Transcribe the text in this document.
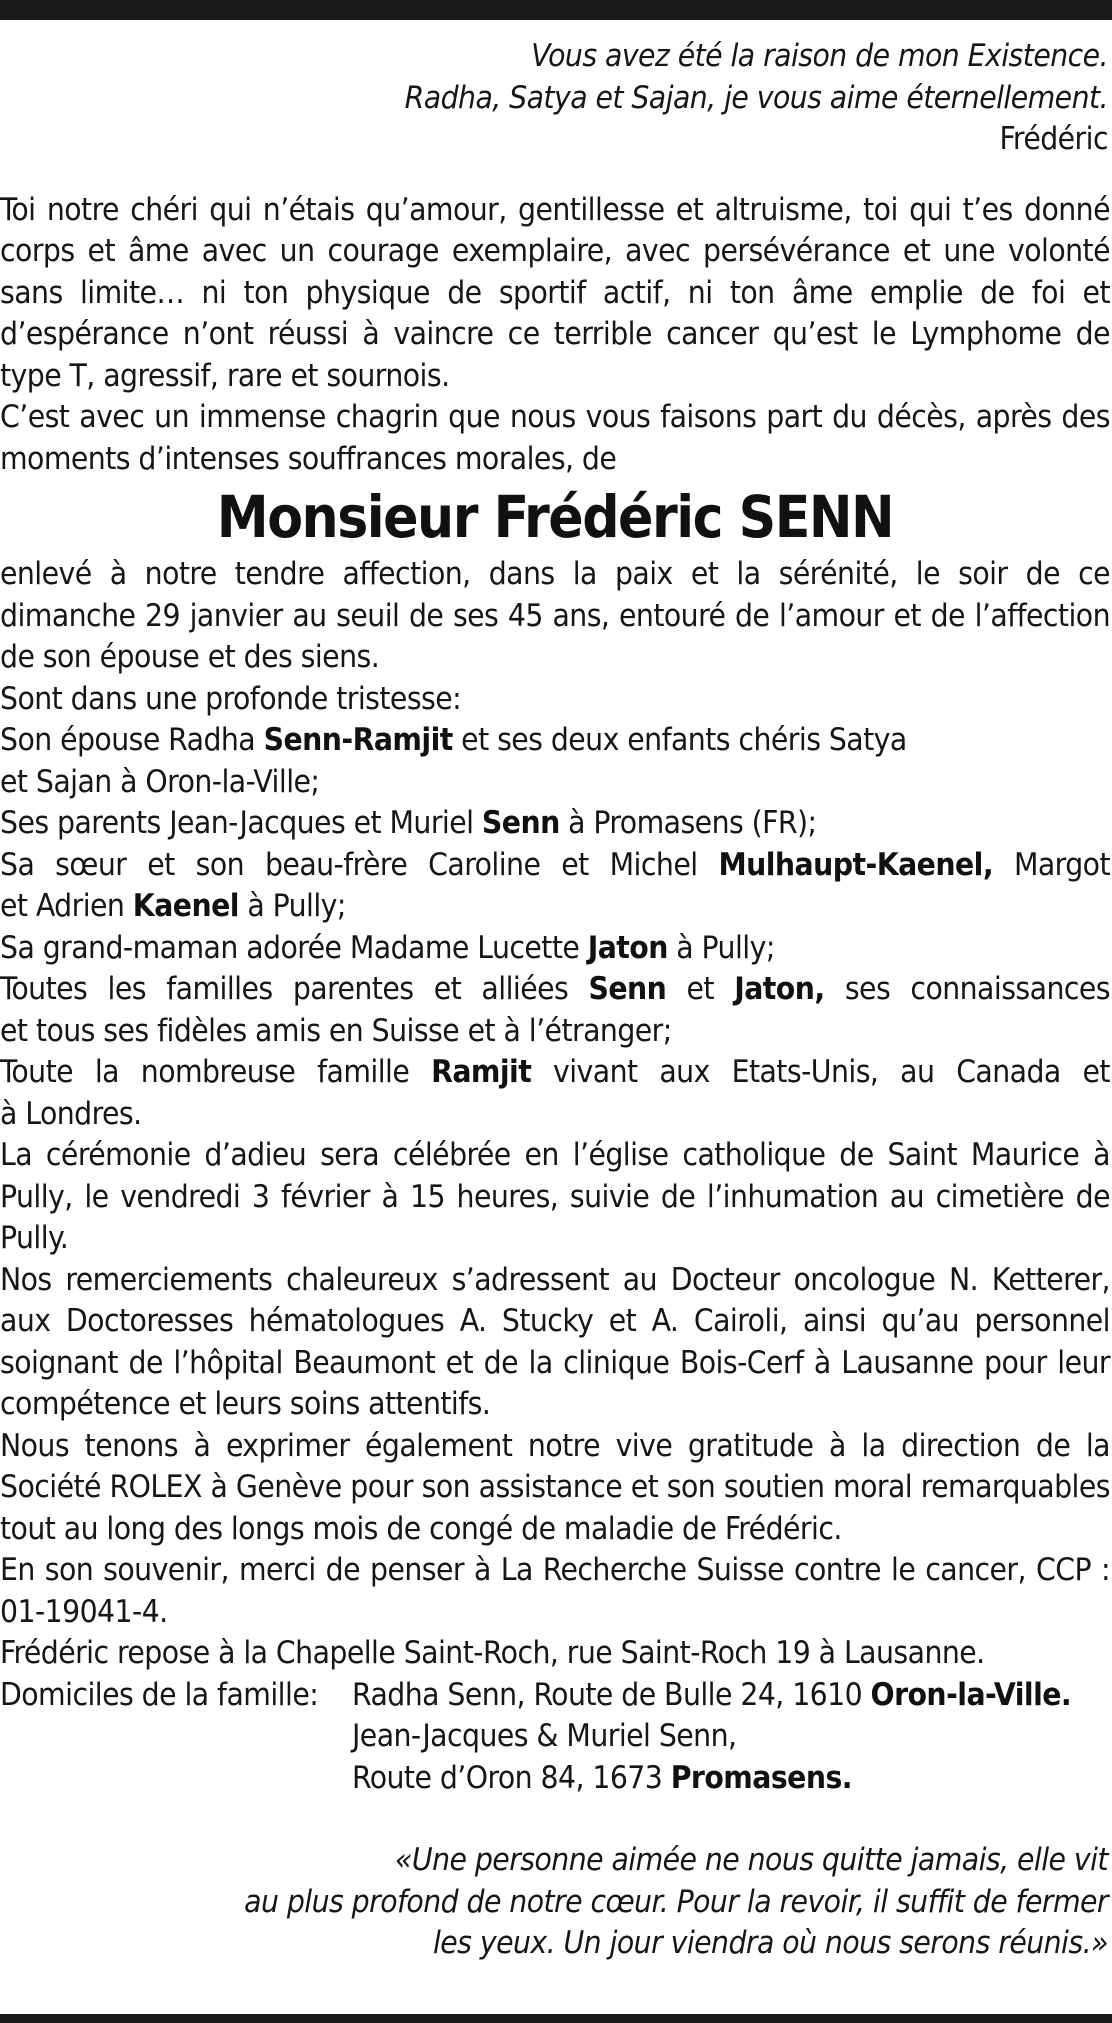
Vous avez été la raison de mon Existence.

Radha, Satya et Sajan, je vous aime éternellement.

Frédéric

Toi notre chéri qui n’étais qu’amour, gentillesse et altruisme, toi qui t’es donné corps et âme avec un courage exemplaire, avec persévérance et une volonté sans limite… ni ton physique de sportif actif, ni ton âme emplie de foi et d’espérance n’ont réussi à vaincre ce terrible cancer qu’est le Lymphome de type T, agressif, rare et sournois.

C’est avec un immense chagrin que nous vous faisons part du décès, après des moments d’intenses souffrances morales, de

Monsieur Frédéric SENN

enlevé à notre tendre affection, dans la paix et la sérénité, le soir de ce dimanche 29 janvier au seuil de ses 45 ans, entouré de l’amour et de l’affection de son épouse et des siens.

Sont dans une profonde tristesse:

Son épouse Radha Senn-Ramjit et ses deux enfants chéris Satya

et Sajan à Oron-la-Ville;

Ses parents Jean-Jacques et Muriel Senn à Promasens (FR);

Sa sœur et son beau-frère Caroline et Michel Mulhaupt-Kaenel, Margot

et Adrien Kaenel à Pully;

Sa grand-maman adorée Madame Lucette Jaton à Pully;

Toutes les familles parentes et alliées Senn et Jaton, ses connaissances

et tous ses fidèles amis en Suisse et à l’étranger;

Toute la nombreuse famille Ramjit vivant aux Etats-Unis, au Canada et

à Londres.

La cérémonie d’adieu sera célébrée en l’église catholique de Saint Maurice à Pully, le vendredi 3 février à 15 heures, suivie de l’inhumation au cimetière de Pully.

Nos remerciements chaleureux s’adressent au Docteur oncologue N. Ketterer, aux Doctoresses hématologues A. Stucky et A. Cairoli, ainsi qu’au personnel soignant de l’hôpital Beaumont et de la clinique Bois-Cerf à Lausanne pour leur compétence et leurs soins attentifs.

Nous tenons à exprimer également notre vive gratitude à la direction de la Société ROLEX à Genève pour son assistance et son soutien moral remarquables tout au long des longs mois de congé de maladie de Frédéric.

En son souvenir, merci de penser à La Recherche Suisse contre le cancer, CCP : 01-19041-4.

Frédéric repose à la Chapelle Saint-Roch, rue Saint-Roch 19 à Lausanne.

Domiciles de la famille:	Radha Senn, Route de Bulle 24, 1610 Oron-la-Ville.

Jean-Jacques & Muriel Senn,

Route d’Oron 84, 1673 Promasens.

«Une personne aimée ne nous quitte jamais, elle vit

au plus profond de notre cœur. Pour la revoir, il suffit de fermer

les yeux. Un jour viendra où nous serons réunis.»
